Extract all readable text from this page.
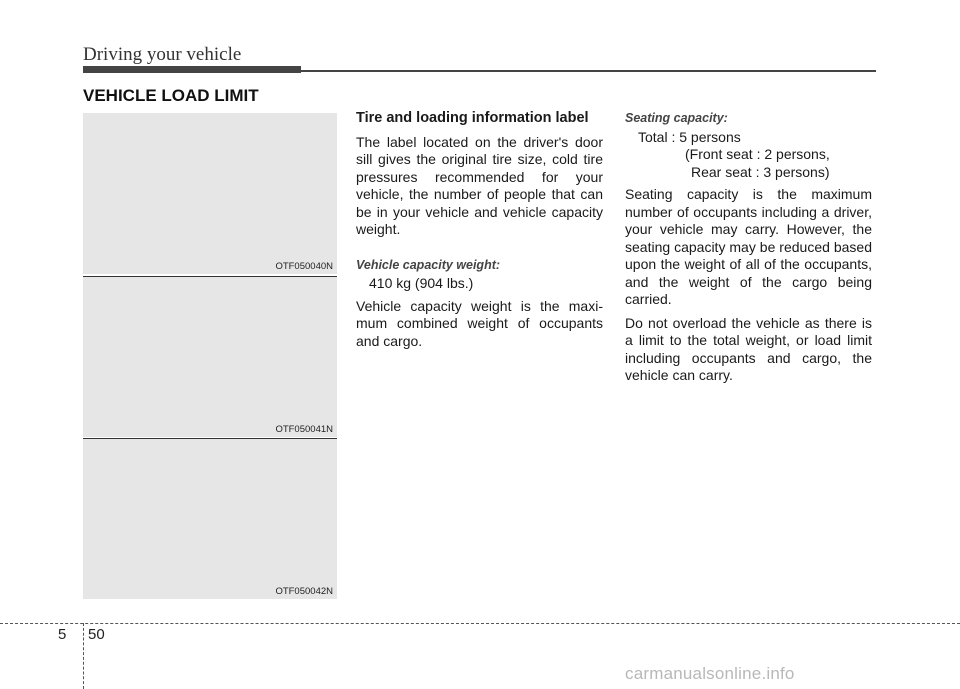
Driving your vehicle
VEHICLE LOAD LIMIT
OTF050040N
OTF050041N
OTF050042N
Tire and loading information label

The label located on the driver's door sill gives the original tire size, cold tire pressures recommended for your vehicle, the number of people that can be in your vehicle and vehicle capacity weight.

Vehicle capacity weight:
410 kg (904 lbs.)

Vehicle capacity weight is the maxi- mum combined weight of occupants and cargo.

Seating capacity:
Total : 5 persons
(Front seat : 2 persons,
Rear seat : 3 persons)

Seating capacity is the maximum number of occupants including a driver, your vehicle may carry. However, the seating capacity may be reduced based upon the weight of all of the occupants, and the weight of the cargo being carried.

Do not overload the vehicle as there is a limit to the total weight, or load limit including occupants and cargo, the vehicle can carry.

5 50
carmanualsonline.info
